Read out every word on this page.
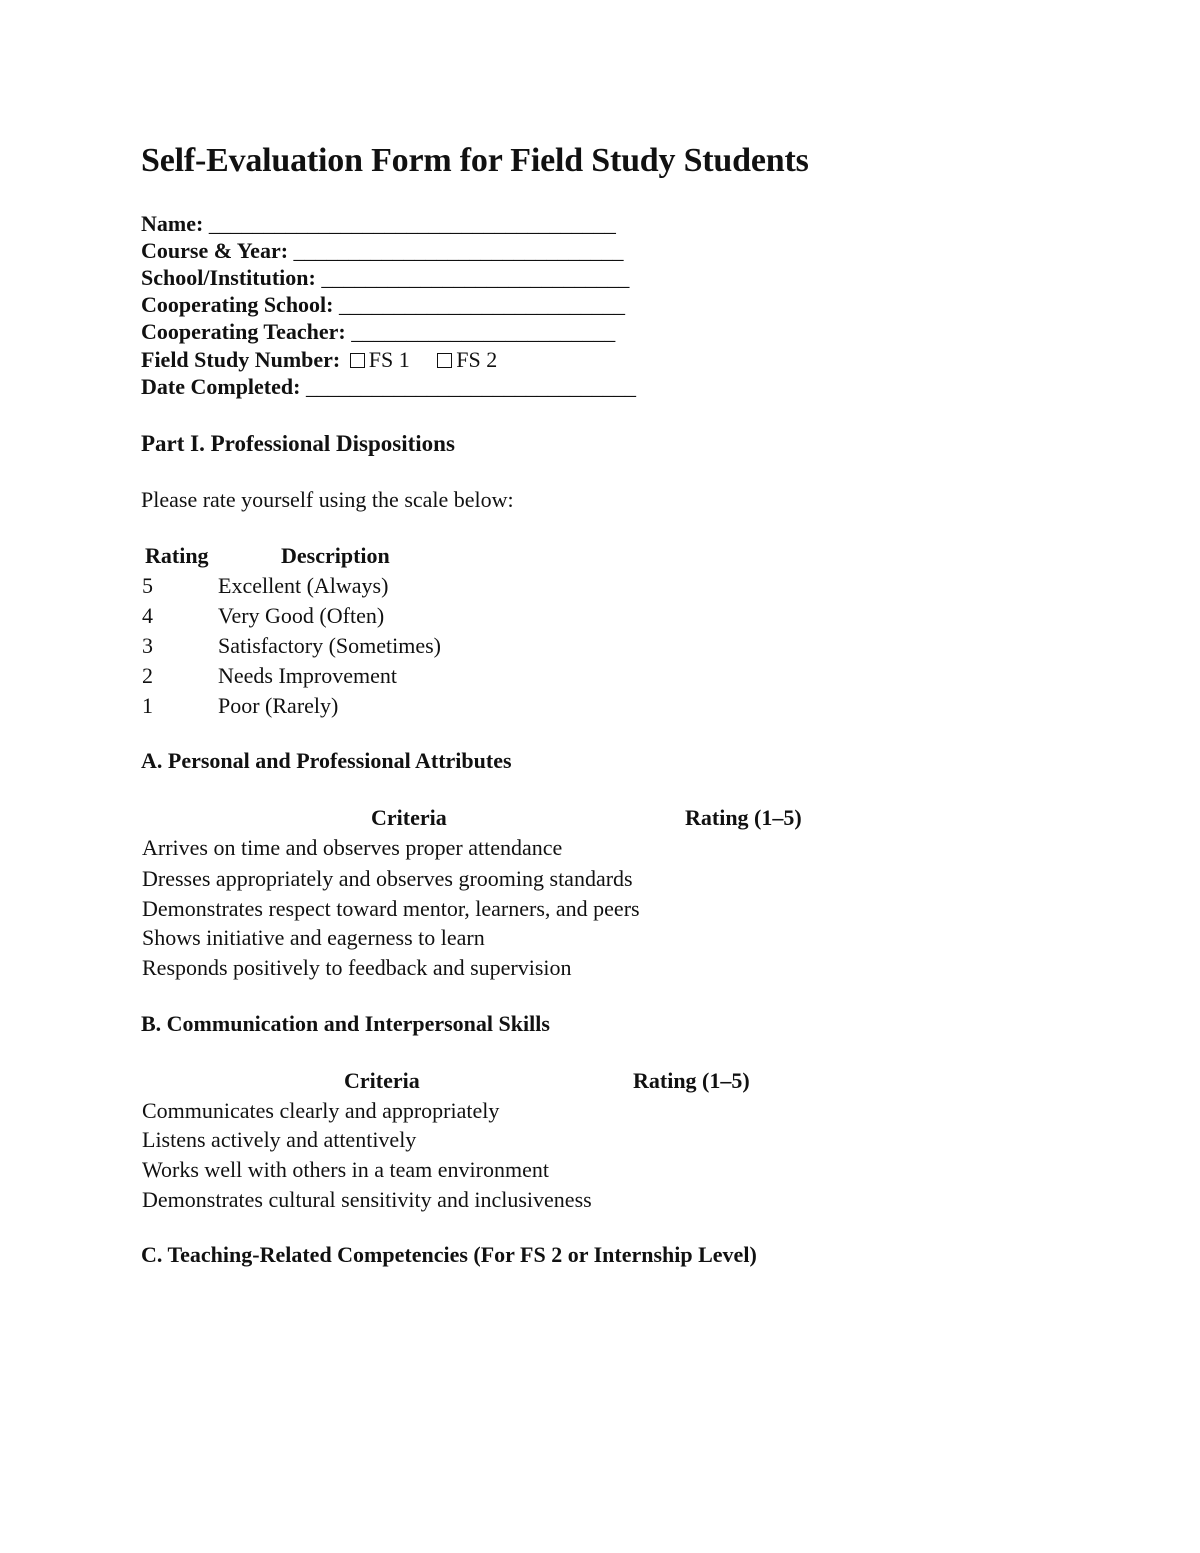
Self-Evaluation Form for Field Study Students
Name: _____________________________________
Course & Year: ______________________________
School/Institution: ____________________________
Cooperating School: __________________________
Cooperating Teacher: ________________________
Field Study Number: FS 1 FS 2
Date Completed: ______________________________
Part I. Professional Dispositions
Please rate yourself using the scale below:
Rating	Description
5	Excellent (Always)
4	Very Good (Often)
3	Satisfactory (Sometimes)
2	Needs Improvement
1	Poor (Rarely)
A. Personal and Professional Attributes
Criteria	Rating (1–5)
Arrives on time and observes proper attendance
Dresses appropriately and observes grooming standards
Demonstrates respect toward mentor, learners, and peers
Shows initiative and eagerness to learn
Responds positively to feedback and supervision
B. Communication and Interpersonal Skills
Criteria	Rating (1–5)
Communicates clearly and appropriately
Listens actively and attentively
Works well with others in a team environment
Demonstrates cultural sensitivity and inclusiveness
C. Teaching-Related Competencies (For FS 2 or Internship Level)
